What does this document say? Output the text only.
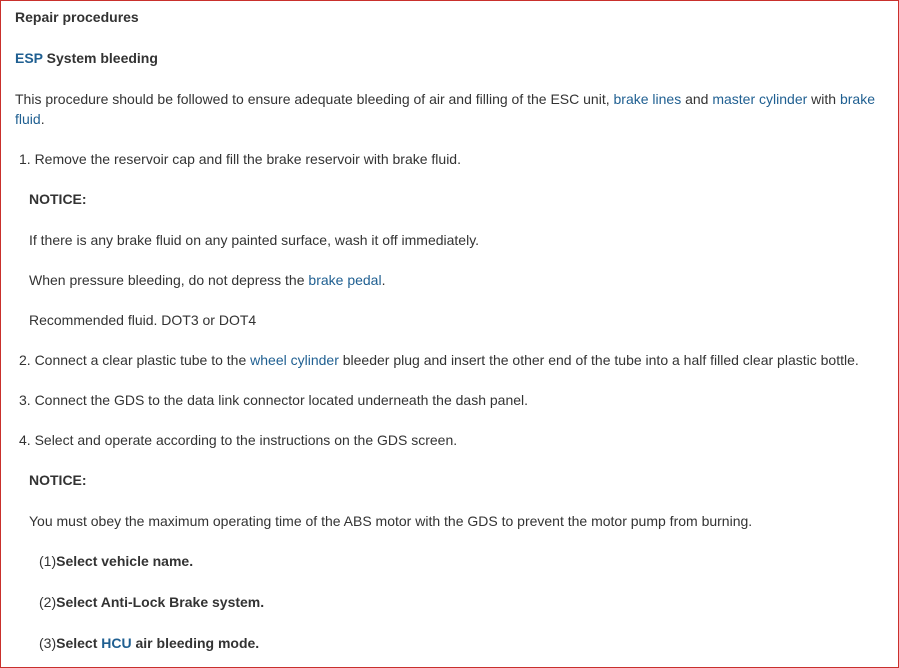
Repair procedures
ESP System bleeding
This procedure should be followed to ensure adequate bleeding of air and filling of the ESC unit, brake lines and master cylinder with brake
fluid.
1. Remove the reservoir cap and fill the brake reservoir with brake fluid.
NOTICE:
If there is any brake fluid on any painted surface, wash it off immediately.
When pressure bleeding, do not depress the brake pedal.
Recommended fluid. DOT3 or DOT4
2. Connect a clear plastic tube to the wheel cylinder bleeder plug and insert the other end of the tube into a half filled clear plastic bottle.
3. Connect the GDS to the data link connector located underneath the dash panel.
4. Select and operate according to the instructions on the GDS screen.
NOTICE:
You must obey the maximum operating time of the ABS motor with the GDS to prevent the motor pump from burning.
(1)Select vehicle name.
(2)Select Anti-Lock Brake system.
(3)Select HCU air bleeding mode.
